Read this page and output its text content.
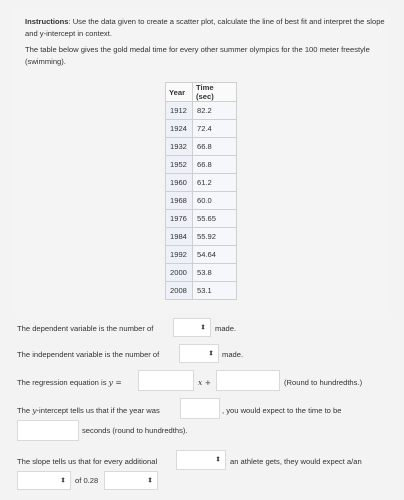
Instructions: Use the data given to create a scatter plot, calculate the line of best fit and interpret the slope and y-intercept in context.
The table below gives the gold medal time for every other summer olympics for the 100 meter freestyle (swimming).
Year	Time (sec)
1912	82.2
1924	72.4
1932	66.8
1952	66.8
1960	61.2
1968	60.0
1976	55.65
1984	55.92
1992	54.64
2000	53.8
2008	53.1
The dependent variable is the number of	⬍ made.
The independent variable is the number of	⬍ made.
The regression equation is y =	x +	(Round to hundredths.)
The y-intercept tells us that if the year was	, you would expect to the time to be
seconds (round to hundredths).
The slope tells us that for every additional	⬍ an athlete gets, they would expect a/an
⬍ of 0.28	⬍
